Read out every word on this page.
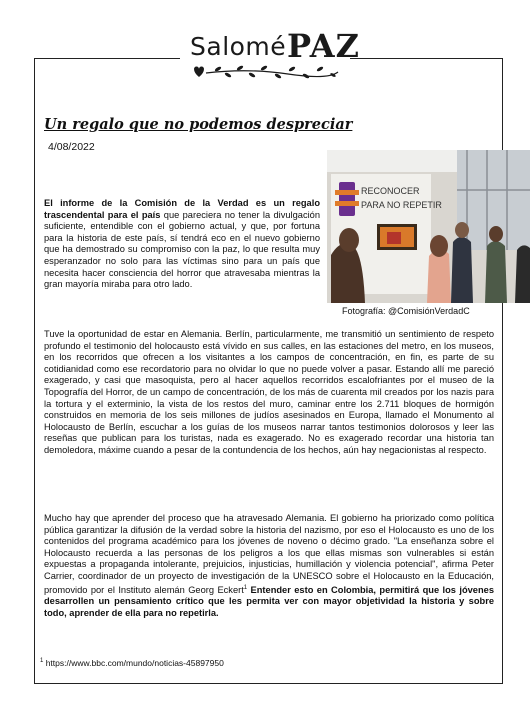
Salomé PAZ
Un regalo que no podemos despreciar
4/08/2022
El informe de la Comisión de la Verdad es un regalo trascendental para el país que pareciera no tener la divulgación suficiente, entendible con el gobierno actual, y que, por fortuna para la historia de este país, sí tendrá eco en el nuevo gobierno que ha demostrado su compromiso con la paz, lo que resulta muy esperanzador no solo para las víctimas sino para un país que necesita hacer consciencia del horror que atravesaba mientras la gran mayoría miraba para otro lado.
RECONOCER
PARA NO REPETIR
Fotografía: @ComisiónVerdadC
Tuve la oportunidad de estar en Alemania. Berlín, particularmente, me transmitió un sentimiento de respeto profundo el testimonio del holocausto está vívido en sus calles, en las estaciones del metro, en los museos, en los recorridos que ofrecen a los visitantes a los campos de concentración, en fin, es parte de su cotidianidad como ese recordatorio para no olvidar lo que no puede volver a pasar. Estando allí me pareció exagerado, y casi que masoquista, pero al hacer aquellos recorridos escalofriantes por el museo de la Topografía del Horror, de un campo de concentración, de los más de cuarenta mil creados por los nazis para la tortura y el exterminio, la vista de los restos del muro, caminar entre los 2.711 bloques de hormigón construidos en memoria de los seis millones de judíos asesinados en Europa, llamado el Monumento al Holocausto de Berlín, escuchar a los guías de los museos narrar tantos testimonios dolorosos y leer las reseñas que publican para los turistas, nada es exagerado. No es exagerado recordar una historia tan demoledora, máxime cuando a pesar de la contundencia de los hechos, aún hay negacionistas al respecto.
Mucho hay que aprender del proceso que ha atravesado Alemania. El gobierno ha priorizado como política pública garantizar la difusión de la verdad sobre la historia del nazismo, por eso el Holocausto es uno de los contenidos del programa académico para los jóvenes de noveno o décimo grado. "La enseñanza sobre el Holocausto recuerda a las personas de los peligros a los que ellas mismas son vulnerables si están expuestas a propaganda intolerante, prejuicios, injusticias, humillación y violencia potencial", afirma Peter Carrier, coordinador de un proyecto de investigación de la UNESCO sobre el Holocausto en la Educación, promovido por el Instituto alemán Georg Eckert$^1$ Entender esto en Colombia, permitirá que los jóvenes desarrollen un pensamiento crítico que les permita ver con mayor objetividad la historia y sobre todo, aprender de ella para no repetirla.
$^1$ https://www.bbc.com/mundo/noticias-45897950
